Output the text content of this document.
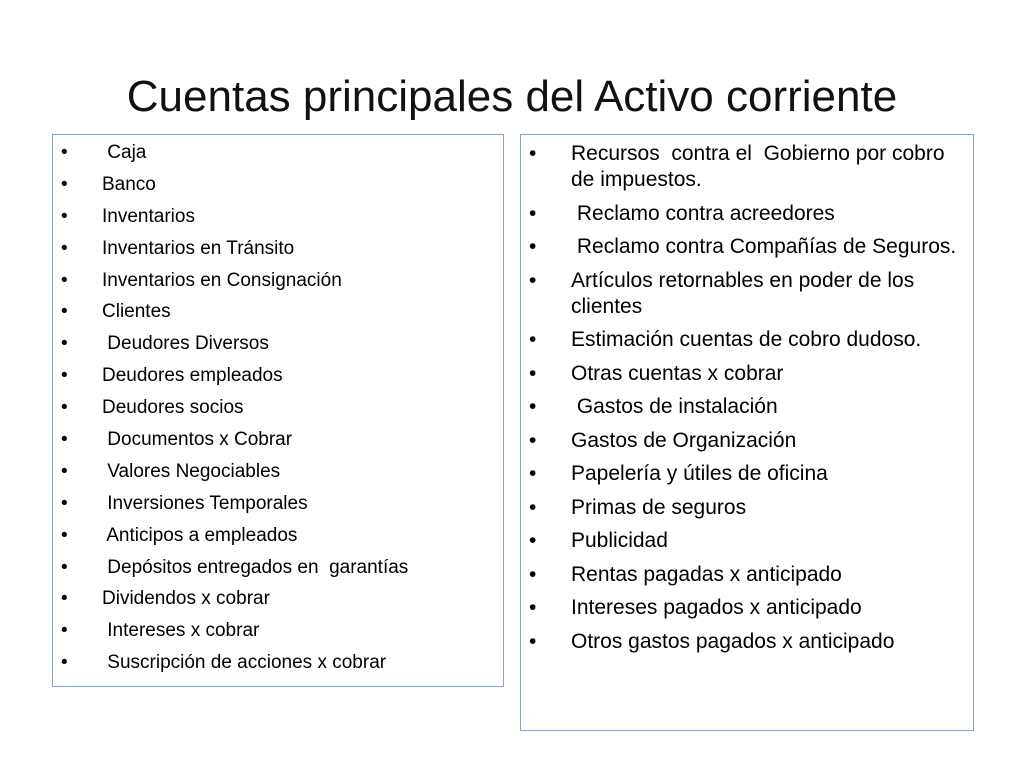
Cuentas principales del Activo corriente
• Caja
• Banco
• Inventarios
• Inventarios en Tránsito
• Inventarios en Consignación
• Clientes
• Deudores Diversos
• Deudores empleados
• Deudores socios
• Documentos x Cobrar
• Valores Negociables
• Inversiones Temporales
• Anticipos a empleados
• Depósitos entregados en  garantías
• Dividendos x cobrar
• Intereses x cobrar
• Suscripción de acciones x cobrar
• Recursos  contra el  Gobierno por cobro de impuestos.
• Reclamo contra acreedores
• Reclamo contra Compañías de Seguros.
• Artículos retornables en poder de los clientes
• Estimación cuentas de cobro dudoso.
• Otras cuentas x cobrar
• Gastos de instalación
• Gastos de Organización
• Papelería y útiles de oficina
• Primas de seguros
• Publicidad
• Rentas pagadas x anticipado
• Intereses pagados x anticipado
• Otros gastos pagados x anticipado
